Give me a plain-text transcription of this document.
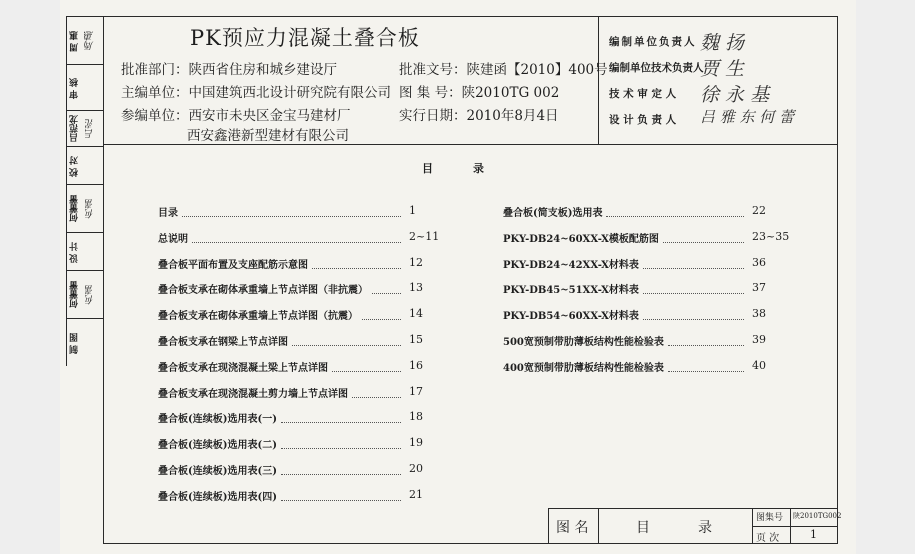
周 惠 周惠
审 核
吕范龙 吕范
校 对
何蕾蕾 何蕾
设 计
何蕾蕾 何蕾
制 图
PK预应力混凝土叠合板
批准部门：陕西省住房和城乡建设厅	批准文号：陕建函【2010】400号
主编单位：中国建筑西北设计研究院有限公司 图 集 号：陕2010TG 002
参编单位：西安市未央区金宝马建材厂	实行日期：2010年8月4日
西安鑫港新型建材有限公司
编制单位负责人 魏 扬
编制单位技术负责人
贾 生
技 术 审 定 人 徐 永 基
设 计 负 责 人 吕 雅 东 何 蕾
目	录
目录	1
总说明	2~11
叠合板平面布置及支座配筋示意图	12
叠合板支承在砌体承重墙上节点详图（非抗震）	13
叠合板支承在砌体承重墙上节点详图（抗震）	14
叠合板支承在钢梁上节点详图	15
叠合板支承在现浇混凝土梁上节点详图	16
叠合板支承在现浇混凝土剪力墙上节点详图	17
叠合板(连续板)选用表(一)	18
叠合板(连续板)选用表(二)	19
叠合板(连续板)选用表(三)	20
叠合板(连续板)选用表(四)	21
叠合板(简支板)选用表	22
PKY-DB24~60XX-X模板配筋图	23~35
PKY-DB24~42XX-X材料表	36
PKY-DB45~51XX-X材料表	37
PKY-DB54~60XX-X材料表	38
500宽预制带肋薄板结构性能检验表	39
400宽预制带肋薄板结构性能检验表	40
图 名	目	录
图集号 陕2010TG002
页 次	1
